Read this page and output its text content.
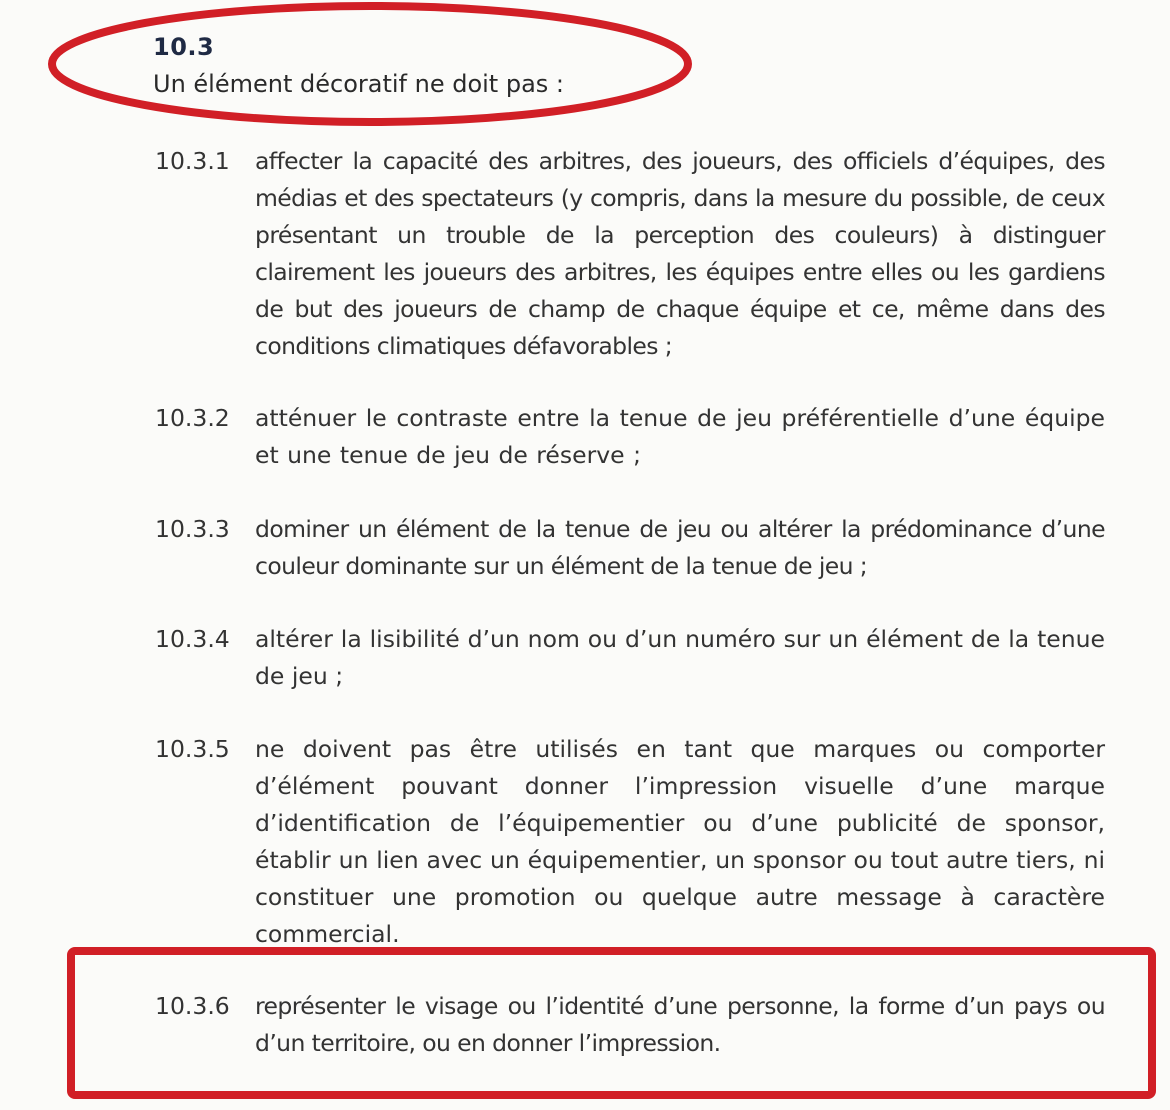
10.3
Un élément décoratif ne doit pas :
10.3.1 affecter la capacité des arbitres, des joueurs, des officiels d’équipes, des médias et des spectateurs (y compris, dans la mesure du possible, de ceux présentant un trouble de la perception des couleurs) à distinguer clairement les joueurs des arbitres, les équipes entre elles ou les gardiens de but des joueurs de champ de chaque équipe et ce, même dans des conditions climatiques défavorables ;
10.3.2 atténuer le contraste entre la tenue de jeu préférentielle d’une équipe et une tenue de jeu de réserve ;
10.3.3 dominer un élément de la tenue de jeu ou altérer la prédominance d’une couleur dominante sur un élément de la tenue de jeu ;
10.3.4 altérer la lisibilité d’un nom ou d’un numéro sur un élément de la tenue de jeu ;
10.3.5 ne doivent pas être utilisés en tant que marques ou comporter d’élément pouvant donner l’impression visuelle d’une marque d’identification de l’équipementier ou d’une publicité de sponsor, établir un lien avec un équipementier, un sponsor ou tout autre tiers, ni constituer une promotion ou quelque autre message à caractère commercial.
10.3.6 représenter le visage ou l’identité d’une personne, la forme d’un pays ou d’un territoire, ou en donner l’impression.
